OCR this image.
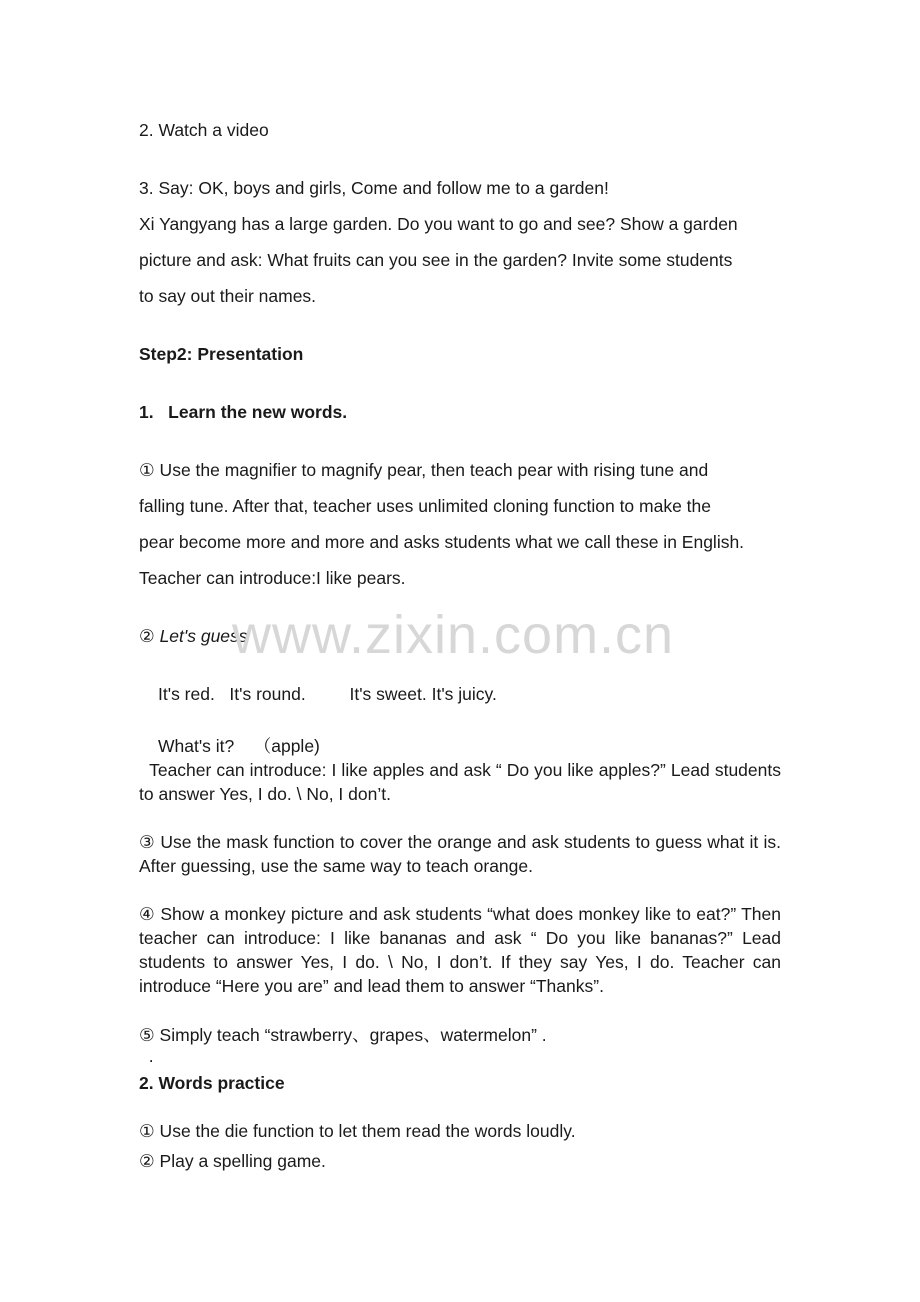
2. Watch a video
3. Say: OK, boys and girls, Come and follow me to a garden!
Xi Yangyang has a large garden. Do you want to go and see? Show a garden
picture and ask: What fruits can you see in the garden? Invite some students
to say out their names.
Step2: Presentation
1.   Learn the new words.
① Use the magnifier to magnify pear, then teach pear with rising tune and
falling tune. After that, teacher uses unlimited cloning function to make the
pear become more and more and asks students what we call these in English.
Teacher can introduce:I like pears.
② Let's guess
It's red.   It's round.         It's sweet. It's juicy.
What's it?    （apple)

Teacher can introduce: I like apples and ask “ Do you like apples?” Lead students to answer Yes, I do. \ No, I don’t.

③ Use the mask function to cover the orange and ask students to guess what it is. After guessing, use the same way to teach orange.

④ Show a monkey picture and ask students “what does monkey like to eat?” Then teacher can introduce: I like bananas and ask “ Do you like bananas?” Lead students to answer Yes, I do. \ No, I don’t. If they say Yes, I do. Teacher can introduce “Here you are” and lead them to answer “Thanks”.

⑤ Simply teach “strawberry、grapes、watermelon” .
.
2. Words practice
① Use the die function to let them read the words loudly.
② Play a spelling game.
www.zixin.com.cn
